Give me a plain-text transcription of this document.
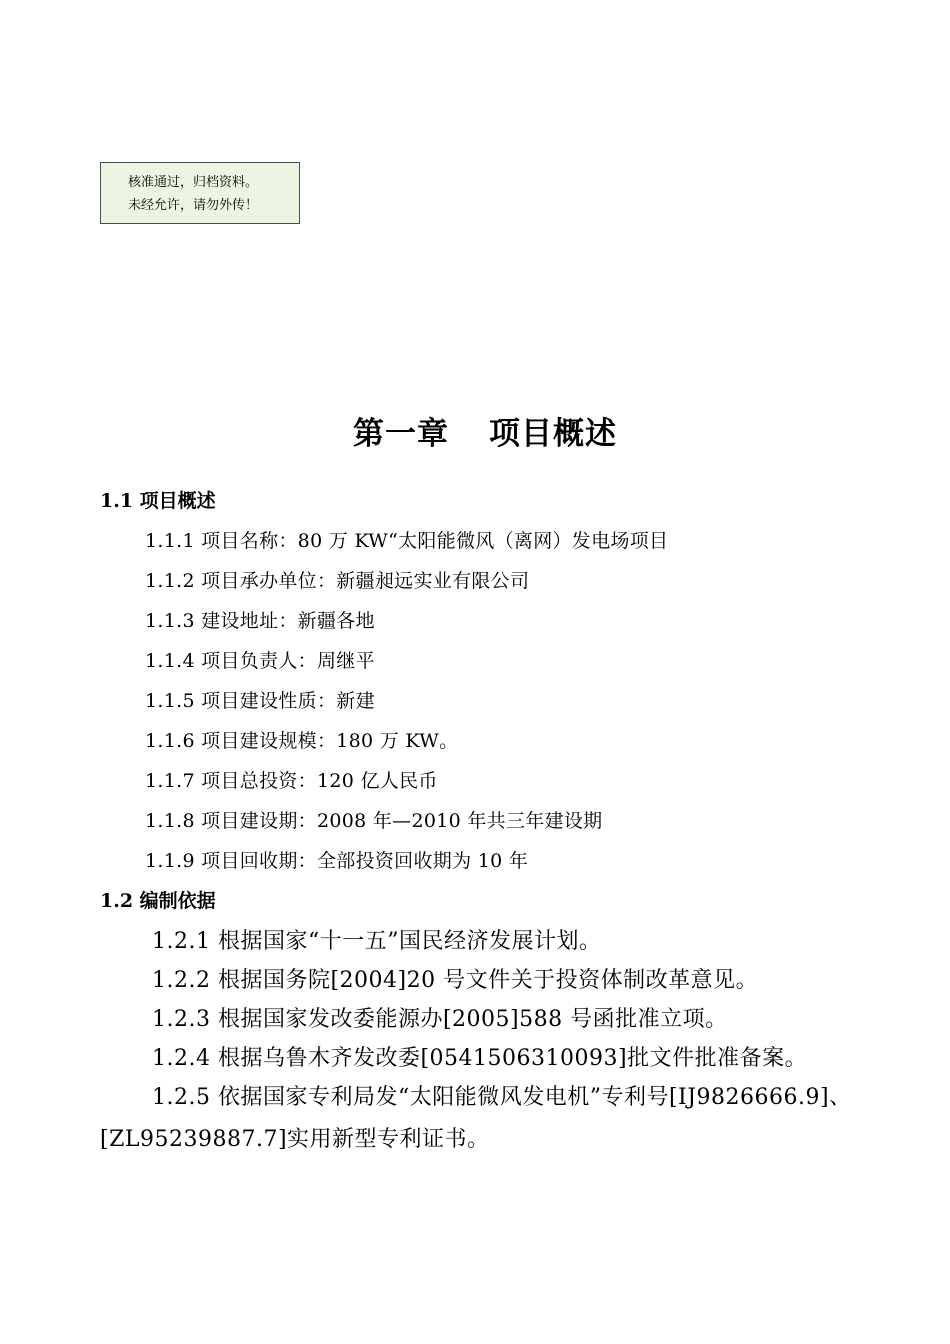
核准通过，归档资料。
未经允许，请勿外传！
第一章 项目概述
1.1 项目概述
1.1.1 项目名称：80 万 KW“太阳能微风（离网）发电场项目
1.1.2 项目承办单位：新疆昶远实业有限公司
1.1.3 建设地址：新疆各地
1.1.4 项目负责人：周继平
1.1.5 项目建设性质：新建
1.1.6 项目建设规模：180 万 KW。
1.1.7 项目总投资：120 亿人民币
1.1.8 项目建设期：2008 年—2010 年共三年建设期
1.1.9 项目回收期：全部投资回收期为 10 年
1.2 编制依据
1.2.1 根据国家“十一五”国民经济发展计划。
1.2.2 根据国务院[2004]20 号文件关于投资体制改革意见。
1.2.3 根据国家发改委能源办[2005]588 号函批准立项。
1.2.4 根据乌鲁木齐发改委[0541506310093]批文件批准备案。
1.2.5 依据国家专利局发“太阳能微风发电机”专利号[IJ9826666.9]、
[ZL95239887.7]实用新型专利证书。
